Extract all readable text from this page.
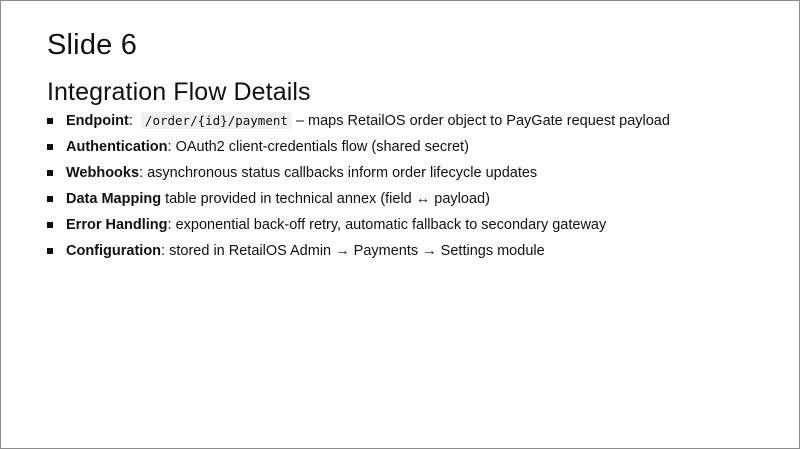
Slide 6
Integration Flow Details
Endpoint:  /order/{id}/payment – maps RetailOS order object to PayGate request payload
Authentication: OAuth2 client-credentials flow (shared secret)
Webhooks: asynchronous status callbacks inform order lifecycle updates
Data Mapping table provided in technical annex (field ↔ payload)
Error Handling: exponential back-off retry, automatic fallback to secondary gateway
Configuration: stored in RetailOS Admin → Payments → Settings module
